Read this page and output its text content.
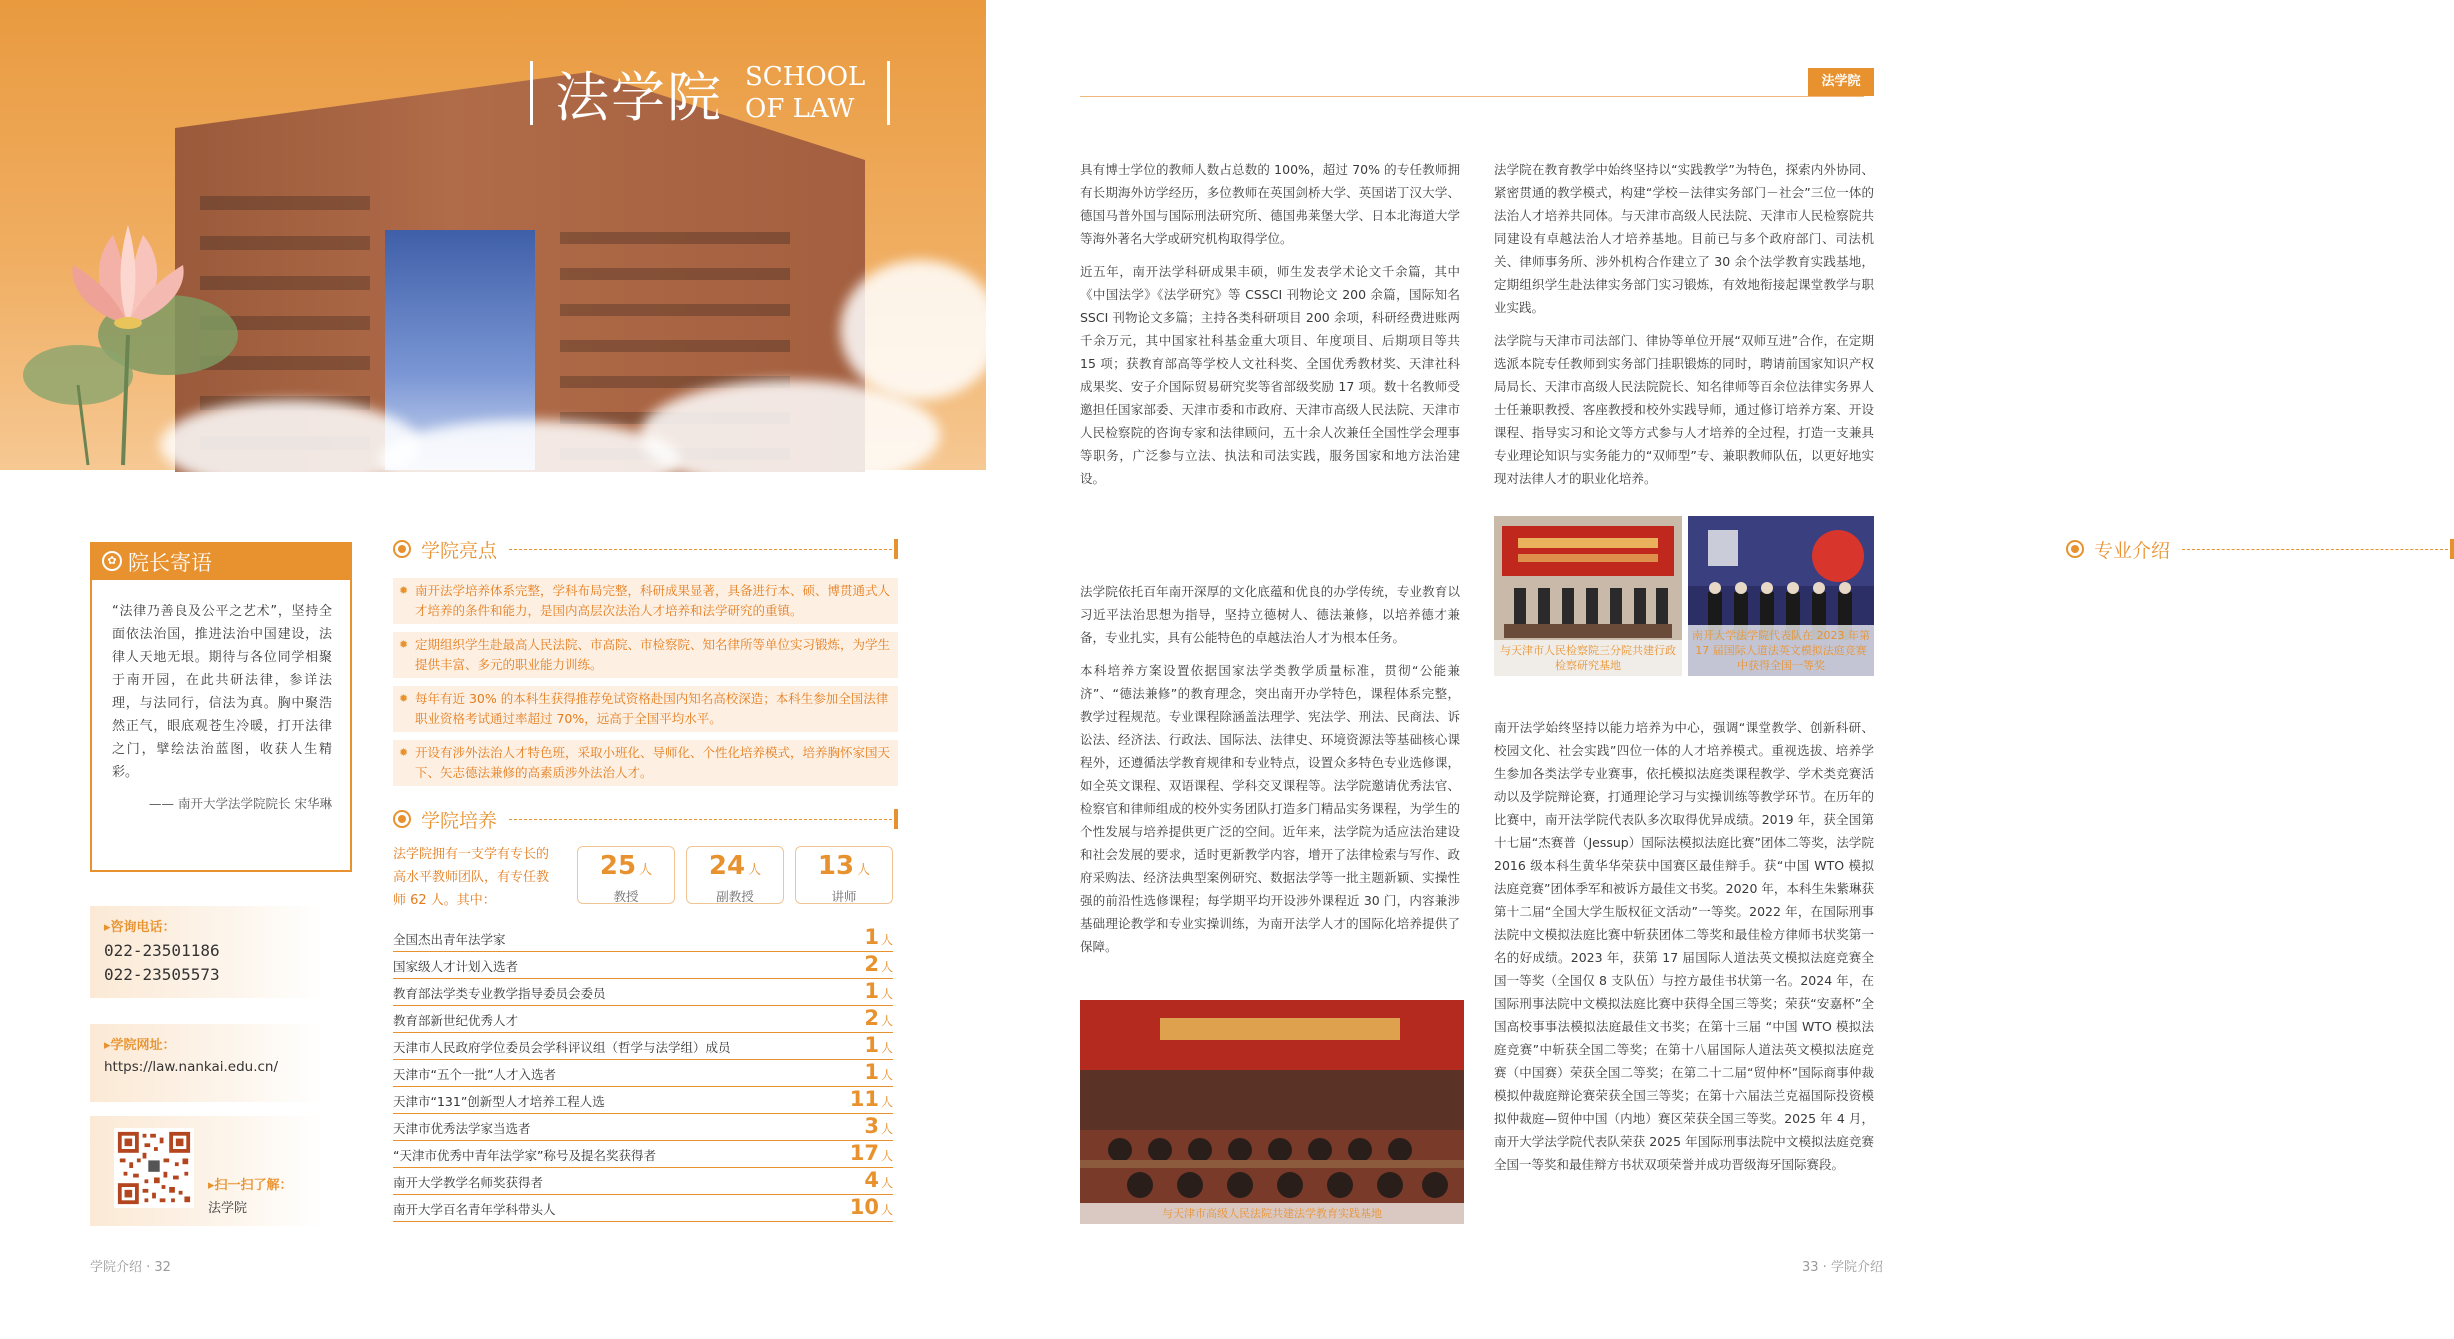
法学院 SCHOOL
OF LAW
✿ 院长寄语
“法律乃善良及公平之艺术”，坚持全面依法治国，推进法治中国建设，法律人天地无垠。期待与各位同学相聚于南开园，在此共研法律，参详法理，与法同行，信法为真。胸中聚浩然正气，眼底观苍生冷暖，打开法律之门，擘绘法治蓝图，收获人生精彩。
—— 南开大学法学院院长 宋华琳
▸ 咨询电话：
022-23501186
022-23505573
▸ 学院网址：
https://law.nankai.edu.cn/
▸ 扫一扫了解：
法学院
学院亮点
✹ 南开法学培养体系完整，学科布局完整，科研成果显著，具备进行本、硕、博贯通式人才培养的条件和能力，是国内高层次法治人才培养和法学研究的重镇。
✹ 定期组织学生赴最高人民法院、市高院、市检察院、知名律所等单位实习锻炼，为学生提供丰富、多元的职业能力训练。
✹ 每年有近 30% 的本科生获得推荐免试资格赴国内知名高校深造；本科生参加全国法律职业资格考试通过率超过 70%，远高于全国平均水平。
✹ 开设有涉外法治人才特色班，采取小班化、导师化、个性化培养模式，培养胸怀家国天下、矢志德法兼修的高素质涉外法治人才。
学院培养
法学院拥有一支学有专长的高水平教师团队，有专任教师 62 人。其中：
25 人
教授
24 人
副教授
13 人
讲师
全国杰出青年法学家	1 人
国家级人才计划入选者	2 人
教育部法学类专业教学指导委员会委员	1 人
教育部新世纪优秀人才	2 人
天津市人民政府学位委员会学科评议组（哲学与法学组）成员	1 人
天津市“五个一批”人才入选者	1 人
天津市“131”创新型人才培养工程人选	11 人
天津市优秀法学家当选者	3 人
“天津市优秀中青年法学家”称号及提名奖获得者	17 人
南开大学教学名师奖获得者	4 人
南开大学百名青年学科带头人	10 人
学院介绍 · 32
法学院

具有博士学位的教师人数占总数的 100%，超过 70% 的专任教师拥有长期海外访学经历，多位教师在英国剑桥大学、英国诺丁汉大学、德国马普外国与国际刑法研究所、德国弗莱堡大学、日本北海道大学等海外著名大学或研究机构取得学位。

近五年，南开法学科研成果丰硕，师生发表学术论文千余篇，其中《中国法学》《法学研究》等 CSSCI 刊物论文 200 余篇，国际知名 SSCI 刊物论文多篇；主持各类科研项目 200 余项，科研经费进账两千余万元，其中国家社科基金重大项目、年度项目、后期项目等共 15 项；获教育部高等学校人文社科奖、全国优秀教材奖、天津社科成果奖、安子介国际贸易研究奖等省部级奖励 17 项。数十名教师受邀担任国家部委、天津市委和市政府、天津市高级人民法院、天津市人民检察院的咨询专家和法律顾问，五十余人次兼任全国性学会理事等职务，广泛参与立法、执法和司法实践，服务国家和地方法治建设。

专业介绍

法学院依托百年南开深厚的文化底蕴和优良的办学传统，专业教育以习近平法治思想为指导，坚持立德树人、德法兼修，以培养德才兼备，专业扎实，具有公能特色的卓越法治人才为根本任务。

本科培养方案设置依据国家法学类教学质量标准，贯彻“公能兼济”、“德法兼修”的教育理念，突出南开办学特色，课程体系完整，教学过程规范。专业课程除涵盖法理学、宪法学、刑法、民商法、诉讼法、经济法、行政法、国际法、法律史、环境资源法等基础核心课程外，还遵循法学教育规律和专业特点，设置众多特色专业选修课，如全英文课程、双语课程、学科交叉课程等。法学院邀请优秀法官、检察官和律师组成的校外实务团队打造多门精品实务课程，为学生的个性发展与培养提供更广泛的空间。近年来，法学院为适应法治建设和社会发展的要求，适时更新教学内容，增开了法律检索与写作、政府采购法、经济法典型案例研究、数据法学等一批主题新颖、实操性强的前沿性选修课程；每学期平均开设涉外课程近 30 门，内容兼涉基础理论教学和专业实操训练，为南开法学人才的国际化培养提供了保障。

与天津市高级人民法院共建法学教育实践基地

法学院在教育教学中始终坚持以“实践教学”为特色，探索内外协同、紧密贯通的教学模式，构建“学校－法律实务部门－社会”三位一体的法治人才培养共同体。与天津市高级人民法院、天津市人民检察院共同建设有卓越法治人才培养基地。目前已与多个政府部门、司法机关、律师事务所、涉外机构合作建立了 30 余个法学教育实践基地，定期组织学生赴法律实务部门实习锻炼，有效地衔接起课堂教学与职业实践。

法学院与天津市司法部门、律协等单位开展“双师互进”合作，在定期选派本院专任教师到实务部门挂职锻炼的同时，聘请前国家知识产权局局长、天津市高级人民法院院长、知名律师等百余位法律实务界人士任兼职教授、客座教授和校外实践导师，通过修订培养方案、开设课程、指导实习和论文等方式参与人才培养的全过程，打造一支兼具专业理论知识与实务能力的“双师型”专、兼职教师队伍，以更好地实现对法律人才的职业化培养。

与天津市人民检察院三分院共建行政检察研究基地
南开大学法学院代表队在 2023 年第 17 届国际人道法英文模拟法庭竞赛中获得全国一等奖

南开法学始终坚持以能力培养为中心，强调“课堂教学、创新科研、校园文化、社会实践”四位一体的人才培养模式。重视选拔、培养学生参加各类法学专业赛事，依托模拟法庭类课程教学、学术类竞赛活动以及学院辩论赛，打通理论学习与实操训练等教学环节。在历年的比赛中，南开法学院代表队多次取得优异成绩。2019 年，获全国第十七届“杰赛普（Jessup）国际法模拟法庭比赛”团体二等奖，法学院 2016 级本科生黄华华荣获中国赛区最佳辩手。获“中国 WTO 模拟法庭竞赛”团体季军和被诉方最佳文书奖。2020 年，本科生朱紫琳获第十二届“全国大学生版权征文活动”一等奖。2022 年，在国际刑事法院中文模拟法庭比赛中斩获团体二等奖和最佳检方律师书状奖第一名的好成绩。2023 年，获第 17 届国际人道法英文模拟法庭竞赛全国一等奖（全国仅 8 支队伍）与控方最佳书状第一名。2024 年，在国际刑事法院中文模拟法庭比赛中获得全国三等奖；荣获“安嘉杯”全国高校事事法模拟法庭最佳文书奖；在第十三届 “中国 WTO 模拟法庭竞赛”中斩获全国二等奖；在第十八届国际人道法英文模拟法庭竞赛（中国赛）荣获全国二等奖；在第二十二届“贸仲杯”国际商事仲裁模拟仲裁庭辩论赛荣获全国三等奖；在第十六届法兰克福国际投资模拟仲裁庭—贸仲中国（内地）赛区荣获全国三等奖。2025 年 4 月，南开大学法学院代表队荣获 2025 年国际刑事法院中文模拟法庭竞赛全国一等奖和最佳辩方书状双项荣誉并成功晋级海牙国际赛段。

33 · 学院介绍
